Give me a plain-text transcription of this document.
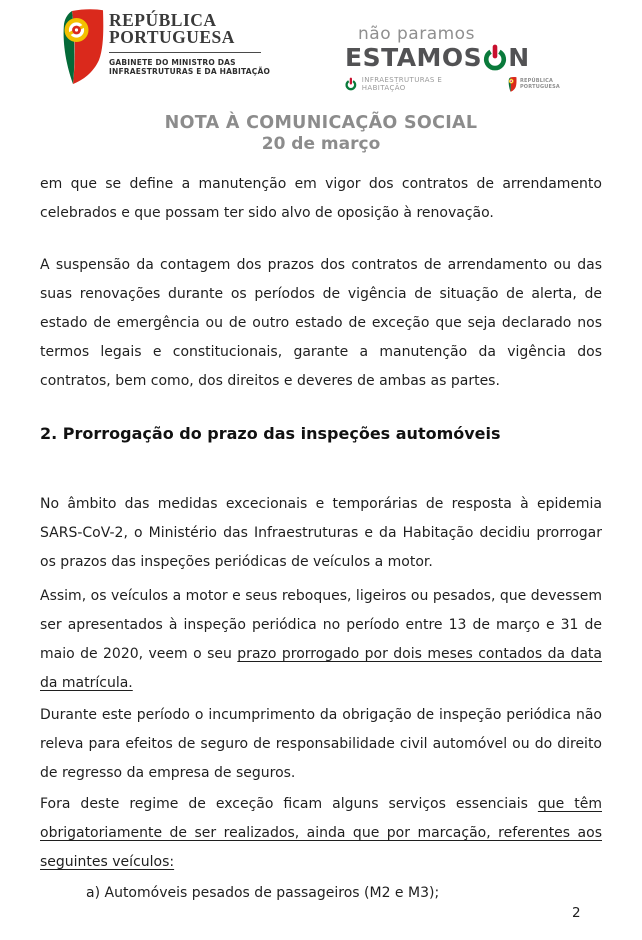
REPÚBLICA
PORTUGUESA
GABINETE DO MINISTRO DAS
INFRAESTRUTURAS E DA HABITAÇÃO
não paramos
ESTAMOS N
INFRAESTRUTURAS E HABITAÇÃO
REPÚBLICA
PORTUGUESA
NOTA À COMUNICAÇÃO SOCIAL
20 de março

em que se define a manutenção em vigor dos contratos de arrendamento celebrados e que possam ter sido alvo de oposição à renovação.

A suspensão da contagem dos prazos dos contratos de arrendamento ou das suas renovações durante os períodos de vigência de situação de alerta, de estado de emergência ou de outro estado de exceção que seja declarado nos termos legais e constitucionais, garante a manutenção da vigência dos contratos, bem como, dos direitos e deveres de ambas as partes.

2. Prorrogação do prazo das inspeções automóveis

No âmbito das medidas excecionais e temporárias de resposta à epidemia SARS-CoV-2, o Ministério das Infraestruturas e da Habitação decidiu prorrogar os prazos das inspeções periódicas de veículos a motor.

Assim, os veículos a motor e seus reboques, ligeiros ou pesados, que devessem ser apresentados à inspeção periódica no período entre 13 de março e 31 de maio de 2020, veem o seu prazo prorrogado por dois meses contados da data da matrícula.

Durante este período o incumprimento da obrigação de inspeção periódica não releva para efeitos de seguro de responsabilidade civil automóvel ou do direito de regresso da empresa de seguros.

Fora deste regime de exceção ficam alguns serviços essenciais que têm obrigatoriamente de ser realizados, ainda que por marcação, referentes aos seguintes veículos:

a) Automóveis pesados de passageiros (M2 e M3);
2
